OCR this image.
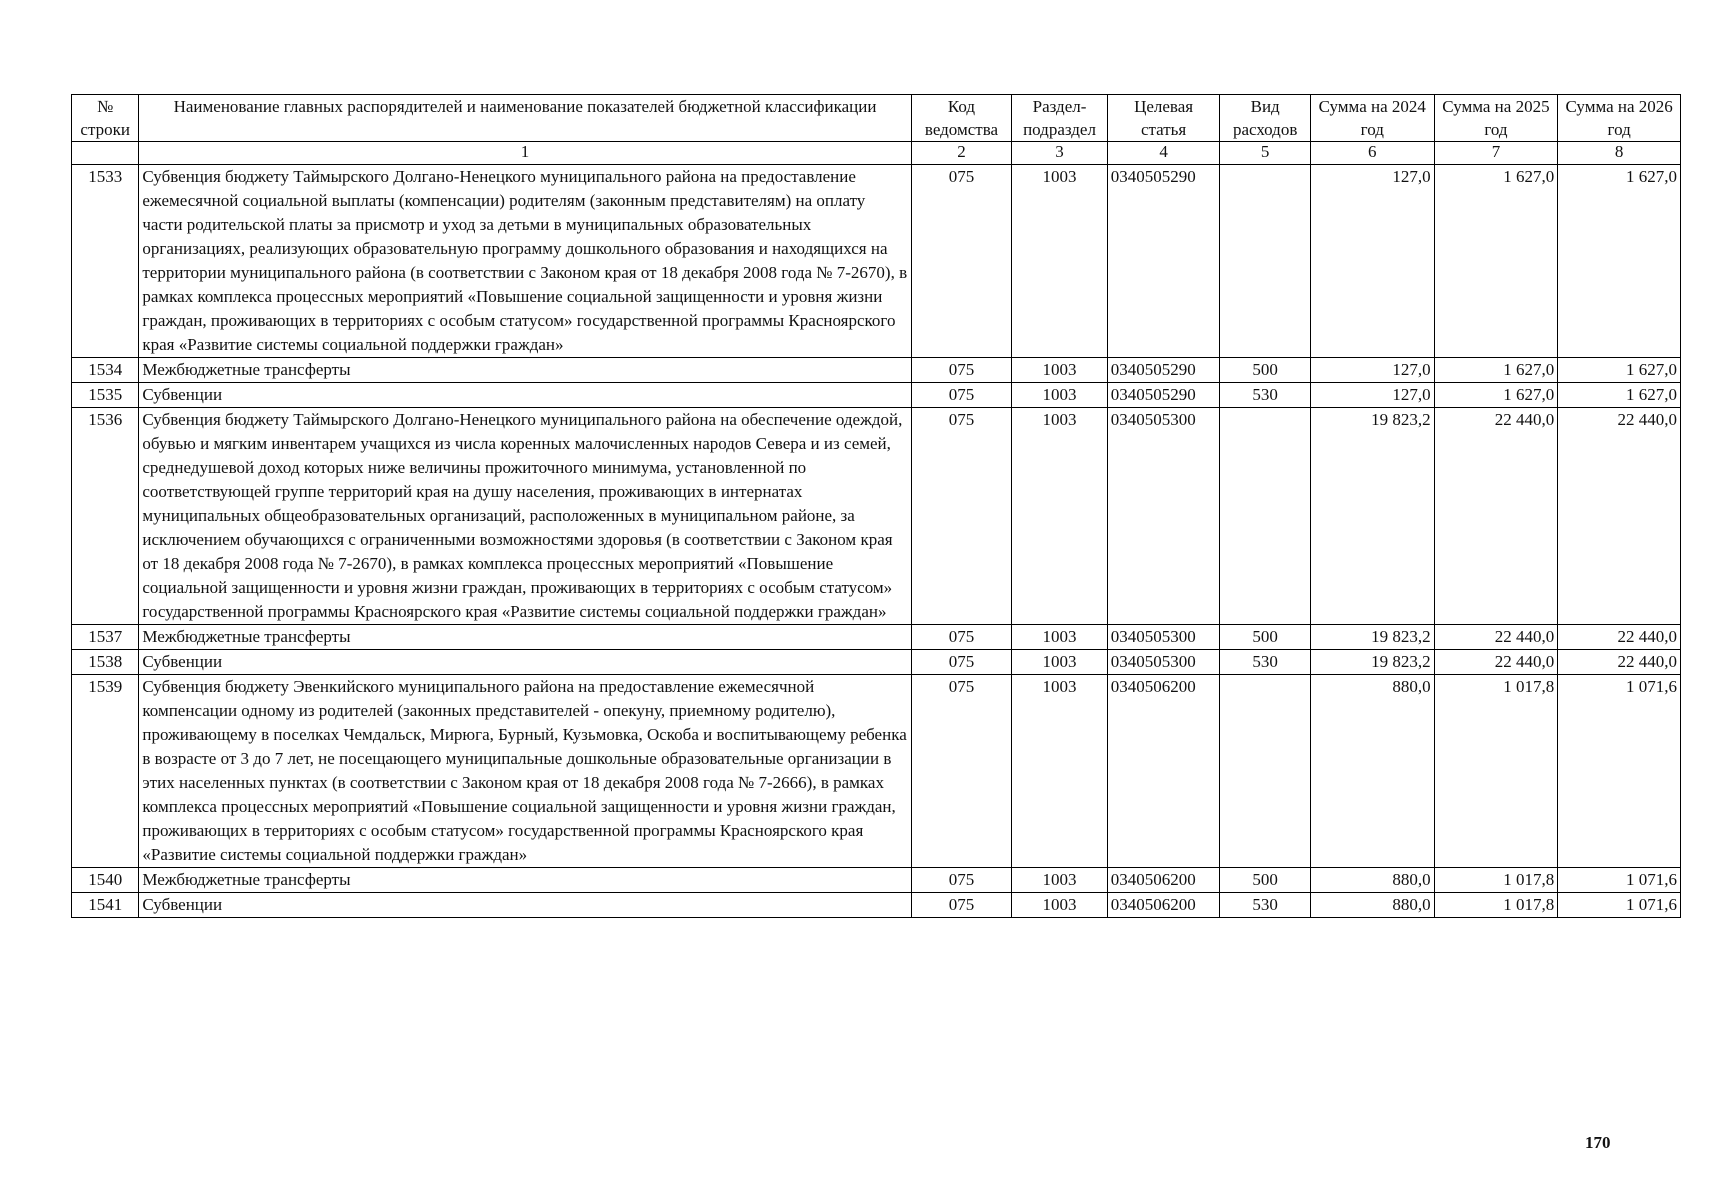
№ строки	Наименование главных распорядителей и наименование показателей бюджетной классификации	Код ведомства	Раздел- подраздел	Целевая статья	Вид расходов	Сумма на 2024 год	Сумма на 2025 год	Сумма на 2026 год
	1	2	3	4	5	6	7	8
1533	Субвенция бюджету Таймырского Долгано-Ненецкого муниципального района на предоставление ежемесячной социальной выплаты (компенсации) родителям (законным представителям) на оплату части родительской платы за присмотр и уход за детьми в муниципальных образовательных организациях, реализующих образовательную программу дошкольного образования и находящихся на территории муниципального района (в соответствии с Законом края от 18 декабря 2008 года № 7-2670), в рамках комплекса процессных мероприятий «Повышение социальной защищенности и уровня жизни граждан, проживающих в территориях с особым статусом» государственной программы Красноярского края «Развитие системы социальной поддержки граждан»	075	1003	0340505290		127,0	1 627,0	1 627,0
1534	Межбюджетные трансферты	075	1003	0340505290	500	127,0	1 627,0	1 627,0
1535	Субвенции	075	1003	0340505290	530	127,0	1 627,0	1 627,0
1536	Субвенция бюджету Таймырского Долгано-Ненецкого муниципального района на обеспечение одеждой, обувью и мягким инвентарем учащихся из числа коренных малочисленных народов Севера и из семей, среднедушевой доход которых ниже величины прожиточного минимума, установленной по соответствующей группе территорий края на душу населения, проживающих в интернатах муниципальных общеобразовательных организаций, расположенных в муниципальном районе, за исключением обучающихся с ограниченными возможностями здоровья (в соответствии с Законом края от 18 декабря 2008 года № 7-2670), в рамках комплекса процессных мероприятий «Повышение социальной защищенности и уровня жизни граждан, проживающих в территориях с особым статусом» государственной программы Красноярского края «Развитие системы социальной поддержки граждан»	075	1003	0340505300		19 823,2	22 440,0	22 440,0
1537	Межбюджетные трансферты	075	1003	0340505300	500	19 823,2	22 440,0	22 440,0
1538	Субвенции	075	1003	0340505300	530	19 823,2	22 440,0	22 440,0
1539	Субвенция бюджету Эвенкийского муниципального района на предоставление ежемесячной компенсации одному из родителей (законных представителей - опекуну, приемному родителю), проживающему в поселках Чемдальск, Мирюга, Бурный, Кузьмовка, Оскоба и воспитывающему ребенка в возрасте от 3 до 7 лет, не посещающего муниципальные дошкольные образовательные организации в этих населенных пунктах (в соответствии с Законом края от 18 декабря 2008 года № 7-2666), в рамках комплекса процессных мероприятий «Повышение социальной защищенности и уровня жизни граждан, проживающих в территориях с особым статусом» государственной программы Красноярского края «Развитие системы социальной поддержки граждан»	075	1003	0340506200		880,0	1 017,8	1 071,6
1540	Межбюджетные трансферты	075	1003	0340506200	500	880,0	1 017,8	1 071,6
1541	Субвенции	075	1003	0340506200	530	880,0	1 017,8	1 071,6
170
